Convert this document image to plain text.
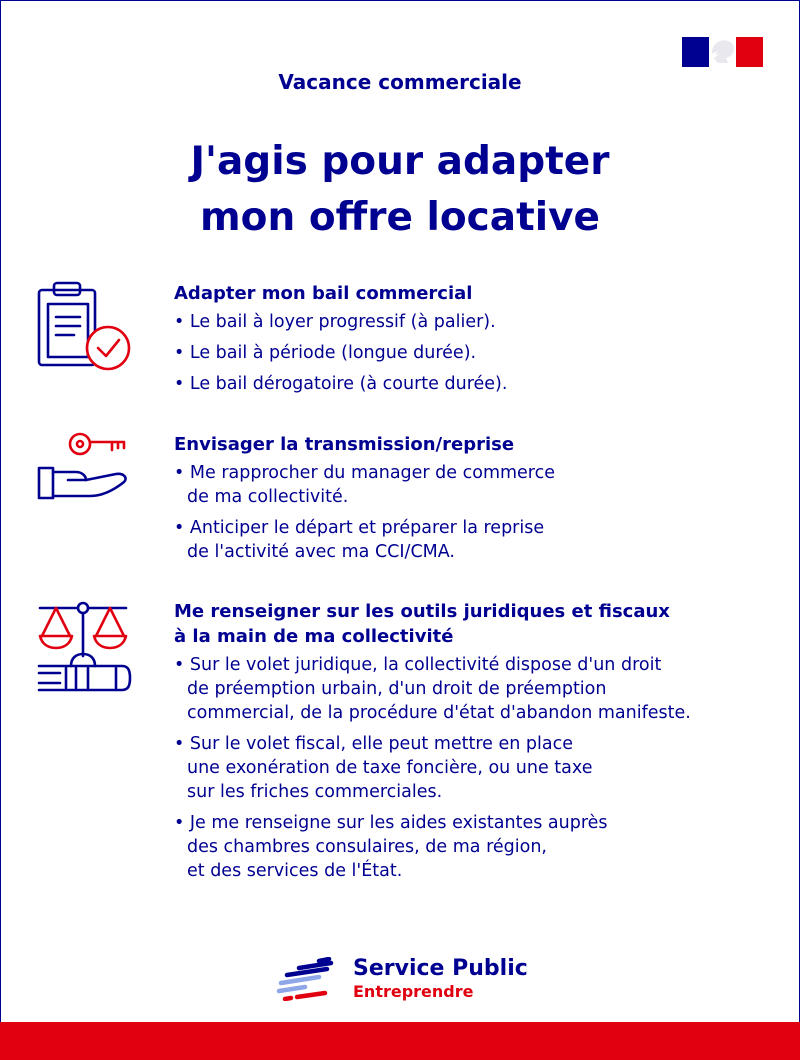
Vacance commerciale
J'agis pour adapter
mon offre locative
Adapter mon bail commercial
• Le bail à loyer progressif (à palier).
• Le bail à période (longue durée).
• Le bail dérogatoire (à courte durée).
Envisager la transmission/reprise
• Me rapprocher du manager de commerce
de ma collectivité.
• Anticiper le départ et préparer la reprise
de l'activité avec ma CCI/CMA.
Me renseigner sur les outils juridiques et fiscaux
à la main de ma collectivité
• Sur le volet juridique, la collectivité dispose d'un droit
de préemption urbain, d'un droit de préemption
commercial, de la procédure d'état d'abandon manifeste.
• Sur le volet fiscal, elle peut mettre en place
une exonération de taxe foncière, ou une taxe
sur les friches commerciales.
• Je me renseigne sur les aides existantes auprès
des chambres consulaires, de ma région,
et des services de l'État.
Service Public
Entreprendre
